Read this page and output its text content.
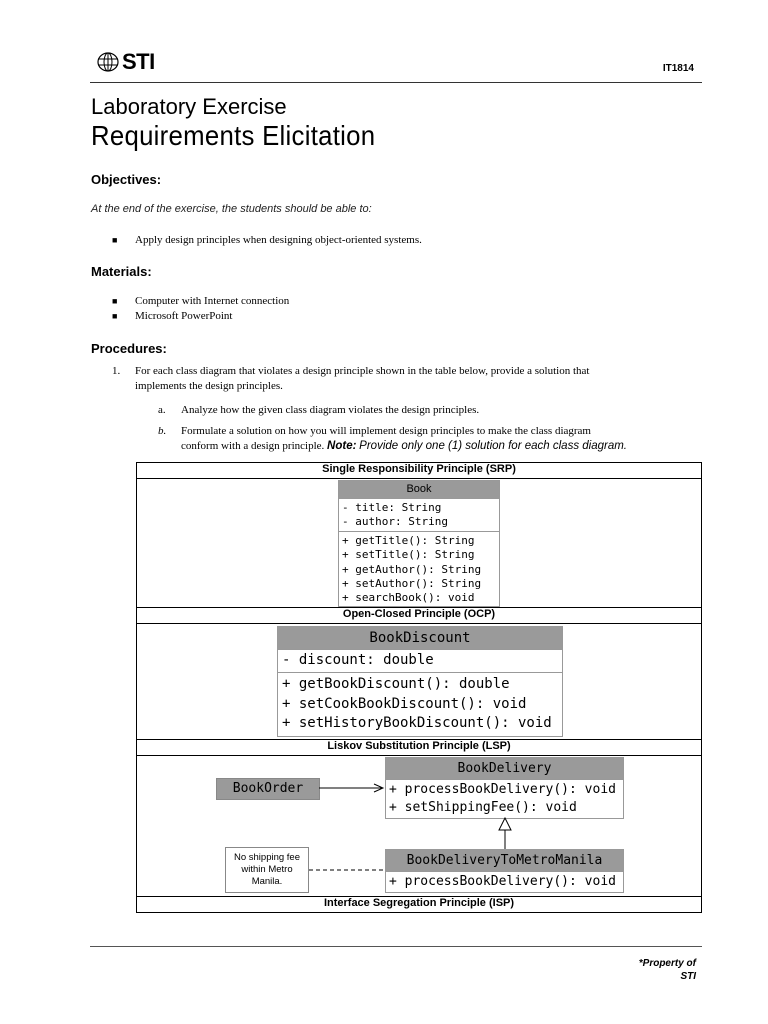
STI	IT1814
Laboratory Exercise
Requirements Elicitation
Objectives:
At the end of the exercise, the students should be able to:
■ Apply design principles when designing object-oriented systems.
Materials:
■ Computer with Internet connection
■ Microsoft PowerPoint
Procedures:
1. For each class diagram that violates a design principle shown in the table below, provide a solution that
implements the design principles.
a. Analyze how the given class diagram violates the design principles.
b. Formulate a solution on how you will implement design principles to make the class diagram
conform with a design principle. Note: Provide only one (1) solution for each class diagram.
Single Responsibility Principle (SRP)
Open-Closed Principle (OCP)
Liskov Substitution Principle (LSP)
Interface Segregation Principle (ISP)
Book
- title: String
- author: String
+ getTitle(): String
+ setTitle(): String
+ getAuthor(): String
+ setAuthor(): String
+ searchBook(): void
BookDiscount
- discount: double
+ getBookDiscount(): double
+ setCookBookDiscount(): void
+ setHistoryBookDiscount(): void
BookOrder
BookDelivery
+ processBookDelivery(): void
+ setShippingFee(): void
BookDeliveryToMetroManila
+ processBookDelivery(): void
No shipping fee
within Metro
Manila.
*Property of
STI
